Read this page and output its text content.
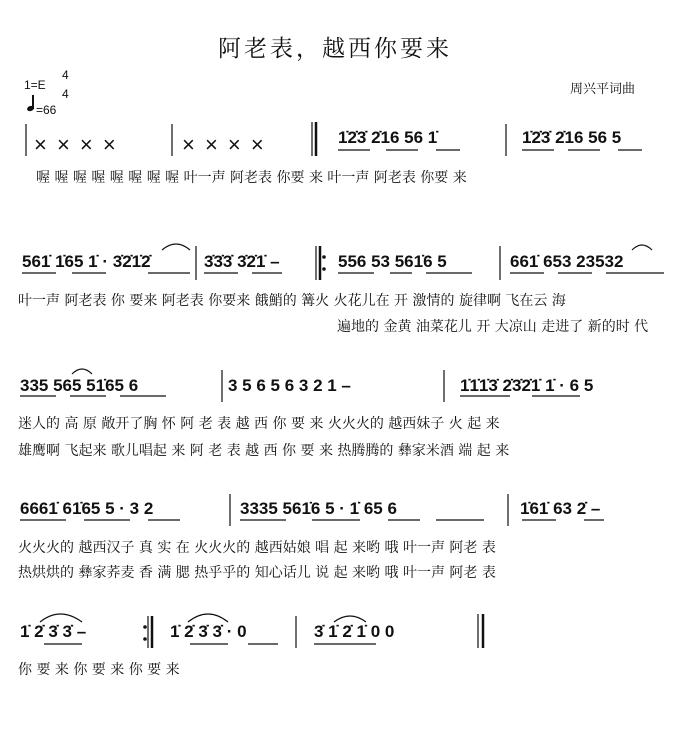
阿老表，越西你要来
周兴平词曲
1=E
4
4
=66
× × × ×	× × × ×	1̇2̇3̇ 2̇16 56 1̇	1̇2̇3̇ 2̇16 56 5
喔 喔 喔 喔 喔 喔 喔 喔 叶一声 阿老表 你要 来 叶一声 阿老表 你要 来
561̇ 1̇65 1̇ · 3̇2̇1̇2̇	3̇3̇3̇ 3̇2̇1̇ –	556 53 561̇6 5	661̇ 653 23532
叶一声 阿老表 你 要来 阿老表 你要来 餓鮹的 篝火 火花儿在 开 激情的 旋律啊 飞在云 海
遍地的 金黄 油菜花儿 开 大凉山 走进了 新的时 代
335 565 51̇65 6	3 5 6 5 6 3 2 1 –	1̇1̇1̇3̇ 2̇3̇2̇1̇ 1̇ · 6 5
迷人的 高 原 敞开了胸 怀 阿 老 表 越 西 你 要 来 火火火的 越西妹子 火 起 来
雄鹰啊 飞起来 歌儿唱起 来 阿 老 表 越 西 你 要 来 热腾腾的 彝家米酒 端 起 来
6661̇ 61̇65 5 · 3 2	3335 561̇6 5 · 1̇ 65 6	1̇61̇ 63 2̇ –
火火火的 越西汉子 真 实 在 火火火的 越西姑娘 唱 起 来哟 哦 叶一声 阿老 表
热烘烘的 彝家荞麦 香 满 腮 热乎乎的 知心话儿 说 起 来哟 哦 叶一声 阿老 表
1̇ 2̇ 3̇ 3̇ –	1̇ 2̇ 3̇ 3̇ · 0	3̇ 1̇ 2̇ 1̇ 0 0
你 要 来 你 要 来 你 要 来
